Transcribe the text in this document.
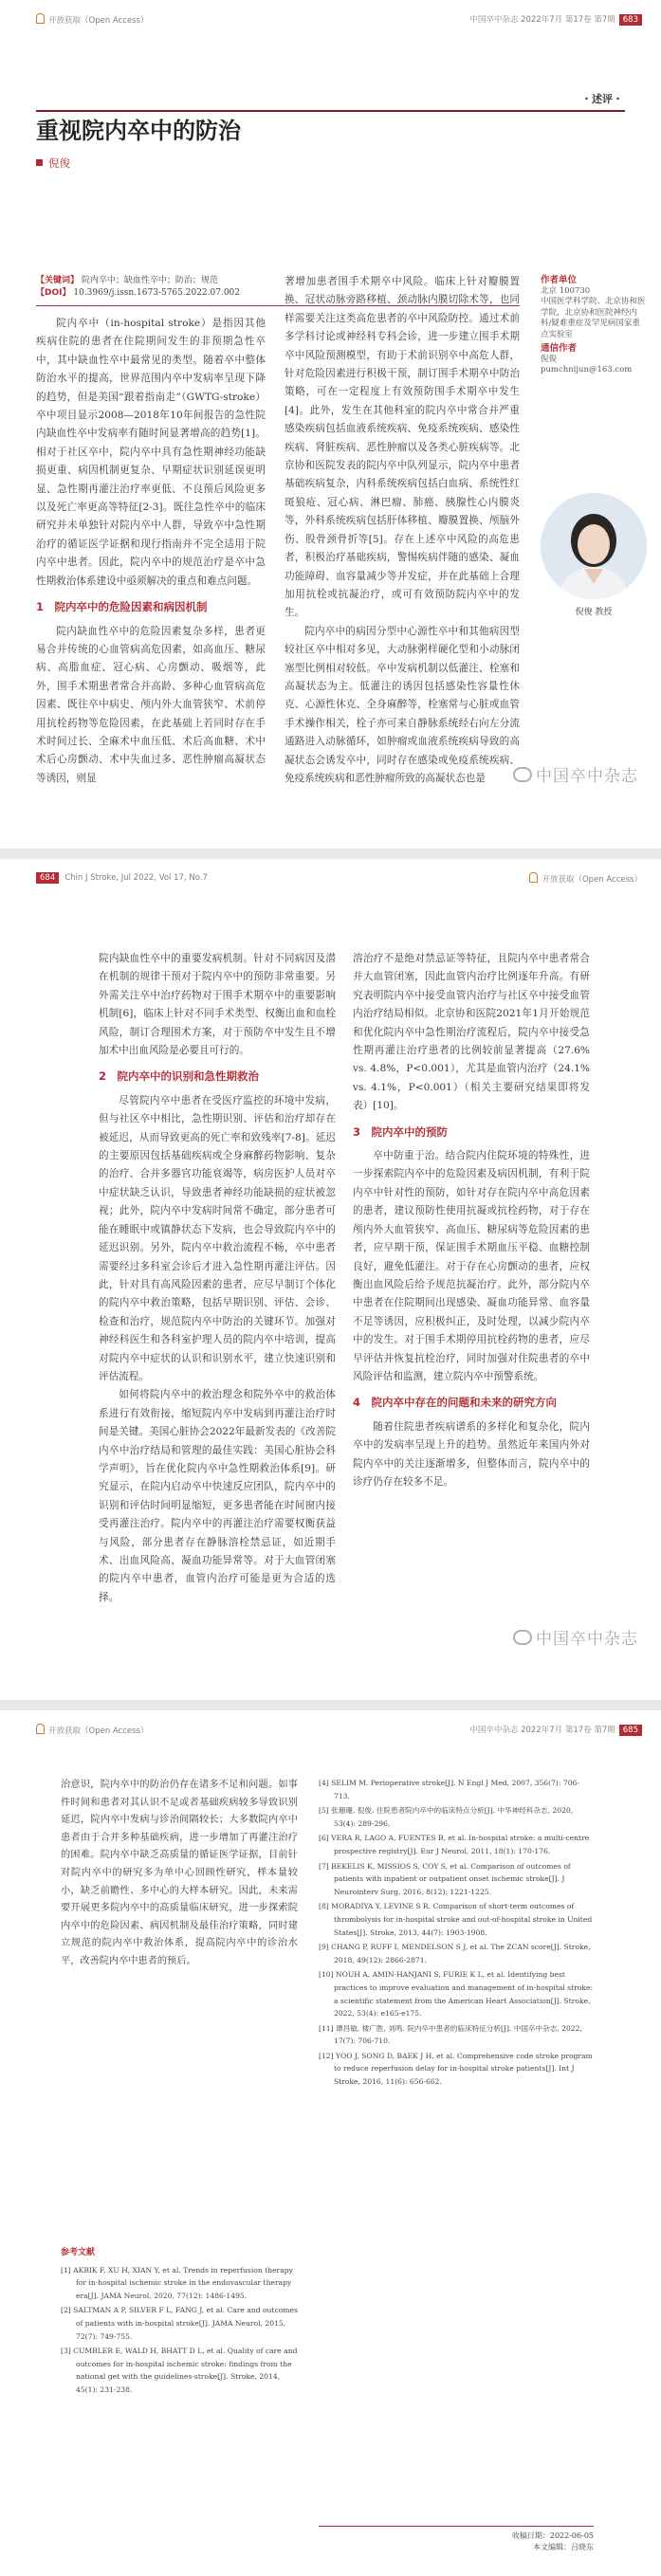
开放获取（Open Access）	中国卒中杂志 2022年7月 第17卷 第7期 683
・述评・
重视院内卒中的防治
倪俊
【关键词】 院内卒中；缺血性卒中；防治；规范
【DOI】 10.3969/j.issn.1673-5765.2022.07.002

院内卒中（in-hospital stroke）是指因其他疾病住院的患者在住院期间发生的非预期急性卒中，其中缺血性卒中最常见的类型。随着卒中整体防治水平的提高，世界范围内卒中发病率呈现下降的趋势，但是美国“跟着指南走”（GWTG-stroke）卒中项目显示2008—2018年10年间报告的急性院内缺血性卒中发病率有随时间显著增高的趋势[1]。相对于社区卒中，院内卒中具有急性期神经功能缺损更重、病因机制更复杂、早期症状识别延误更明显、急性期再灌注治疗率更低、不良预后风险更多以及死亡率更高等特征[2-3]。既往急性卒中的临床研究并未单独针对院内卒中人群，导致卒中急性期治疗的循证医学证据和现行指南并不完全适用于院内卒中患者。因此，院内卒中的规范治疗是卒中急性期救治体系建设中亟须解决的重点和难点问题。

1　院内卒中的危险因素和病因机制

院内缺血性卒中的危险因素复杂多样，患者更易合并传统的心血管病高危因素，如高血压、糖尿病、高脂血症、冠心病、心房颤动、吸烟等，此外，围手术期患者常合并高龄、多种心血管病高危因素、既往卒中病史、颅内外大血管狭窄、术前停用抗栓药物等危险因素，在此基础上若同时存在手术时间过长、全麻术中血压低、术后高血糖、术中术后心房颤动、术中失血过多、恶性肿瘤高凝状态等诱因，则显

著增加患者围手术期卒中风险。临床上针对瓣膜置换、冠状动脉旁路移植、颈动脉内膜切除术等，也同样需要关注这类高危患者的卒中风险防控。通过术前多学科讨论或神经科专科会诊，进一步建立围手术期卒中风险预测模型，有助于术前识别卒中高危人群，针对危险因素进行积极干预，制订围手术期卒中防治策略，可在一定程度上有效预防围手术期卒中发生[4]。此外，发生在其他科室的院内卒中常合并严重感染疾病包括血液系统疾病、免疫系统疾病、感染性疾病、肾脏疾病、恶性肿瘤以及各类心脏疾病等。北京协和医院发表的院内卒中队列显示，院内卒中患者基础疾病复杂，内科系统疾病包括白血病、系统性红斑狼疮、冠心病、淋巴瘤、肺癌、胰腺性心内膜炎等，外科系统疾病包括肝体移植、瓣膜置换、颅脑外伤、股骨颈骨折等[5]。存在上述卒中风险的高危患者，积极治疗基础疾病，警惕疾病伴随的感染、凝血功能障碍、血容量减少等并发症，并在此基础上合理加用抗栓或抗凝治疗，或可有效预防院内卒中的发生。

院内卒中的病因分型中心源性卒中和其他病因型较社区卒中相对多见，大动脉粥样硬化型和小动脉闭塞型比例相对较低。卒中发病机制以低灌注、栓塞和高凝状态为主。低灌注的诱因包括感染性容量性休克、心源性休克、全身麻醉等，栓塞常与心脏或血管手术操作相关，栓子亦可来自静脉系统经右向左分流通路进入动脉循环，如肿瘤或血液系统疾病导致的高凝状态会诱发卒中，同时存在感染或免疫系统疾病、免疫系统疾病和恶性肿瘤所致的高凝状态也是

作者单位
北京 100730
中国医学科学院、北京协和医学院，北京协和医院神经内科/疑难重症及罕见病国家重点实验室
通信作者
倪俊
pumchnijun@163.com
倪俊 教授
中国卒中杂志
684 Chin J Stroke, Jul 2022, Vol 17, No.7	开放获取（Open Access）

院内缺血性卒中的重要发病机制。针对不同病因及潜在机制的规律干预对于院内卒中的预防非常重要。另外需关注卒中治疗药物对于围手术期卒中的重要影响机制[6]，临床上针对不同手术类型、权衡出血和血栓风险，制订合理围术方案，对于预防卒中发生且不增加术中出血风险是必要且可行的。

2　院内卒中的识别和急性期救治

尽管院内卒中患者在受医疗监控的环境中发病，但与社区卒中相比，急性期识别、评估和治疗却存在被延迟，从而导致更高的死亡率和致残率[7-8]。延迟的主要原因包括基础疾病或全身麻醉药物影响、复杂的治疗、合并多器官功能衰竭等，病房医护人员对卒中症状缺乏认识，导致患者神经功能缺损的症状被忽视；此外，院内卒中发病时间常不确定，部分患者可能在睡眠中或镇静状态下发病，也会导致院内卒中的延迟识别。另外，院内卒中救治流程不畅，卒中患者需要经过多科室会诊后才进入急性期再灌注评估。因此，针对具有高风险因素的患者，应尽早制订个体化的院内卒中救治策略，包括早期识别、评估、会诊、检查和治疗，规范院内卒中防治的关键环节。加强对神经科医生和各科室护理人员的院内卒中培训，提高对院内卒中症状的认识和识别水平，建立快速识别和评估流程。

如何将院内卒中的救治理念和院外卒中的救治体系进行有效衔接，缩短院内卒中发病到再灌注治疗时间是关键。美国心脏协会2022年最新发表的《改善院内卒中治疗结局和管理的最佳实践：美国心脏协会科学声明》，旨在优化院内卒中急性期救治体系[9]。研究显示，在院内启动卒中快速反应团队，院内卒中的识别和评估时间明显缩短，更多患者能在时间窗内接受再灌注治疗。院内卒中的再灌注治疗需要权衡获益与风险，部分患者存在静脉溶栓禁忌证，如近期手术、出血风险高、凝血功能异常等。对于大血管闭塞的院内卒中患者，血管内治疗可能是更为合适的选择。

溶治疗不是绝对禁忌证等特征，且院内卒中患者常合并大血管闭塞，因此血管内治疗比例逐年升高。有研究表明院内卒中接受血管内治疗与社区卒中接受血管内治疗结局相似。北京协和医院2021年1月开始规范和优化院内卒中急性期治疗流程后，院内卒中接受急性期再灌注治疗患者的比例较前显著提高（27.6% vs. 4.8%，P<0.001），尤其是血管内治疗（24.1% vs. 4.1%，P<0.001）（相关主要研究结果即将发表）[10]。

3　院内卒中的预防

卒中防重于治。结合院内住院环境的特殊性，进一步探索院内卒中的危险因素及病因机制，有利于院内卒中针对性的预防，如针对存在院内卒中高危因素的患者，建议预防性使用抗凝或抗栓药物，对于存在颅内外大血管狭窄、高血压、糖尿病等危险因素的患者，应早期干预，保证围手术期血压平稳、血糖控制良好，避免低灌注。对于存在心房颤动的患者，应权衡出血风险后给予规范抗凝治疗。此外，部分院内卒中患者在住院期间出现感染、凝血功能异常、血容量不足等诱因，应积极纠正，及时处理，以减少院内卒中的发生。对于围手术期停用抗栓药物的患者，应尽早评估并恢复抗栓治疗，同时加强对住院患者的卒中风险评估和监测，建立院内卒中预警系统。

4　院内卒中存在的问题和未来的研究方向

随着住院患者疾病谱系的多样化和复杂化，院内卒中的发病率呈现上升的趋势。虽然近年来国内外对院内卒中的关注逐渐增多，但整体而言，院内卒中的诊疗仍存在较多不足。

中国卒中杂志
开放获取（Open Access）	中国卒中杂志 2022年7月 第17卷 第7期 685

治意识，院内卒中的防治仍存在诸多不足和问题。如事件时间和患者对其认识不足或者基础疾病较多导致识别延迟，院内卒中发病与诊治间隔较长；大多数院内卒中患者由于合并多种基础疾病，进一步增加了再灌注治疗的困难。院内卒中缺乏高质量的循证医学证据，目前针对院内卒中的研究多为单中心回顾性研究，样本量较小，缺乏前瞻性、多中心的大样本研究。因此，未来需要开展更多院内卒中的高质量临床研究，进一步探索院内卒中的危险因素、病因机制及最佳治疗策略，同时建立规范的院内卒中救治体系，提高院内卒中的诊治水平，改善院内卒中患者的预后。

参考文献
[1] AKBIK F, XU H, XIAN Y, et al. Trends in reperfusion therapy for in-hospital ischemic stroke in the endovascular therapy era[J]. JAMA Neurol, 2020, 77(12): 1486-1495.
[2] SALTMAN A P, SILVER F L, FANG J, et al. Care and outcomes of patients with in-hospital stroke[J]. JAMA Neurol, 2015, 72(7): 749-755.
[3] CUMBLER E, WALD H, BHATT D L, et al. Quality of care and outcomes for in-hospital ischemic stroke: findings from the national get with the guidelines-stroke[J]. Stroke, 2014, 45(1): 231-238.
[4] SELIM M. Perioperative stroke[J]. N Engl J Med, 2007, 356(7): 706-713.
[5] 张珊珊, 倪俊. 住院患者院内卒中的临床特点分析[J]. 中华神经科杂志, 2020, 53(4): 289-296.
[6] VERA R, LAGO A, FUENTES B, et al. In-hospital stroke: a multi-centre prospective registry[J]. Eur J Neurol, 2011, 18(1): 170-176.
[7] BEKELIS K, MISSIOS S, COY S, et al. Comparison of outcomes of patients with inpatient or outpatient onset ischemic stroke[J]. J Neurointerv Surg, 2016, 8(12): 1221-1225.
[8] MORADIYA Y, LEVINE S R. Comparison of short-term outcomes of thrombolysis for in-hospital stroke and out-of-hospital stroke in United States[J]. Stroke, 2013, 44(7): 1903-1908.
[9] CHANG P, RUFF I, MENDELSON S J, et al. The ZCAN score[J]. Stroke, 2018, 49(12): 2866-2871.
[10] NOUH A, AMIN-HANJANI S, FURIE K L, et al. Identifying best practices to improve evaluation and management of in-hospital stroke: a scientific statement from the American Heart Association[J]. Stroke, 2022, 53(4): e165-e175.
[11] 谭昌敏, 楼广胜, 刘鸣. 院内卒中患者的临床特征分析[J]. 中国卒中杂志, 2022, 17(7): 706-710.
[12] YOO J, SONG D, BAEK J H, et al. Comprehensive code stroke program to reduce reperfusion delay for in-hospital stroke patients[J]. Int J Stroke, 2016, 11(6): 656-662.
收稿日期：2022-06-05
本文编辑：吕晓东
